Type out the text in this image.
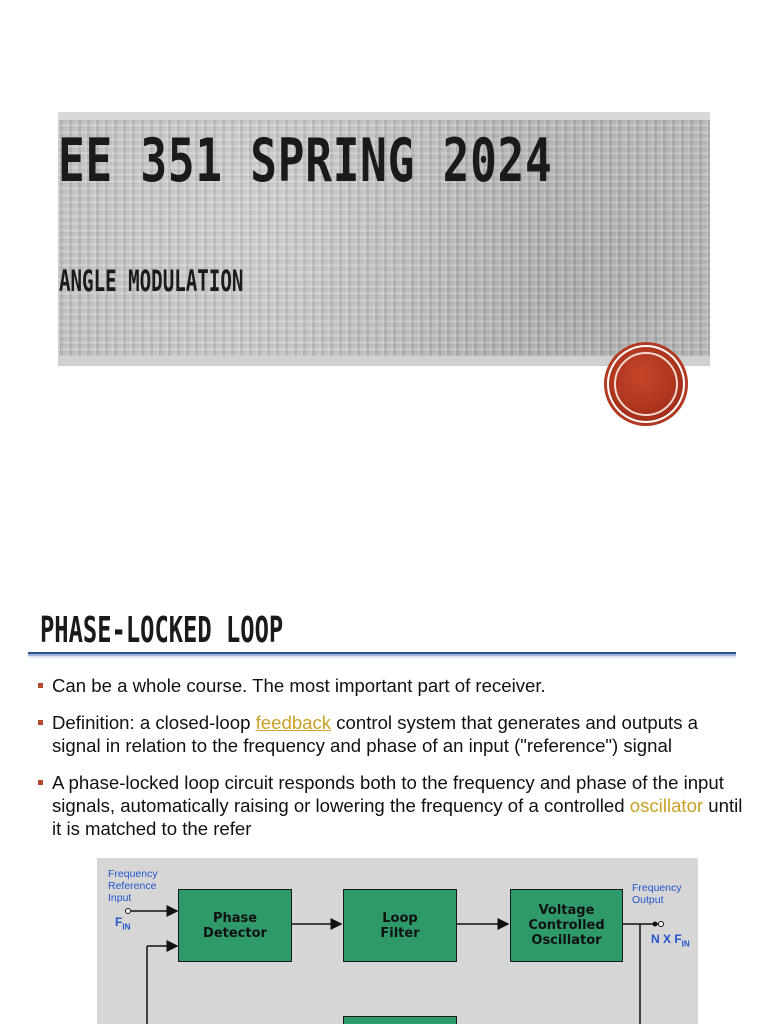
EE 351 SPRING 2024
ANGLE MODULATION
PHASE-LOCKED LOOP
Can be a whole course. The most important part of receiver.
Definition: a closed-loop feedback control system that generates and outputs a signal in relation to the frequency and phase of an input ("reference") signal
A phase-locked loop circuit responds both to the frequency and phase of the input signals, automatically raising or lowering the frequency of a controlled oscillator until it is matched to the refer
Frequency Reference Input
$F_{IN}$
Phase
Detector
Loop
Filter
Voltage
Controlled
Oscillator
Frequency Output
N X $F_{IN}$
